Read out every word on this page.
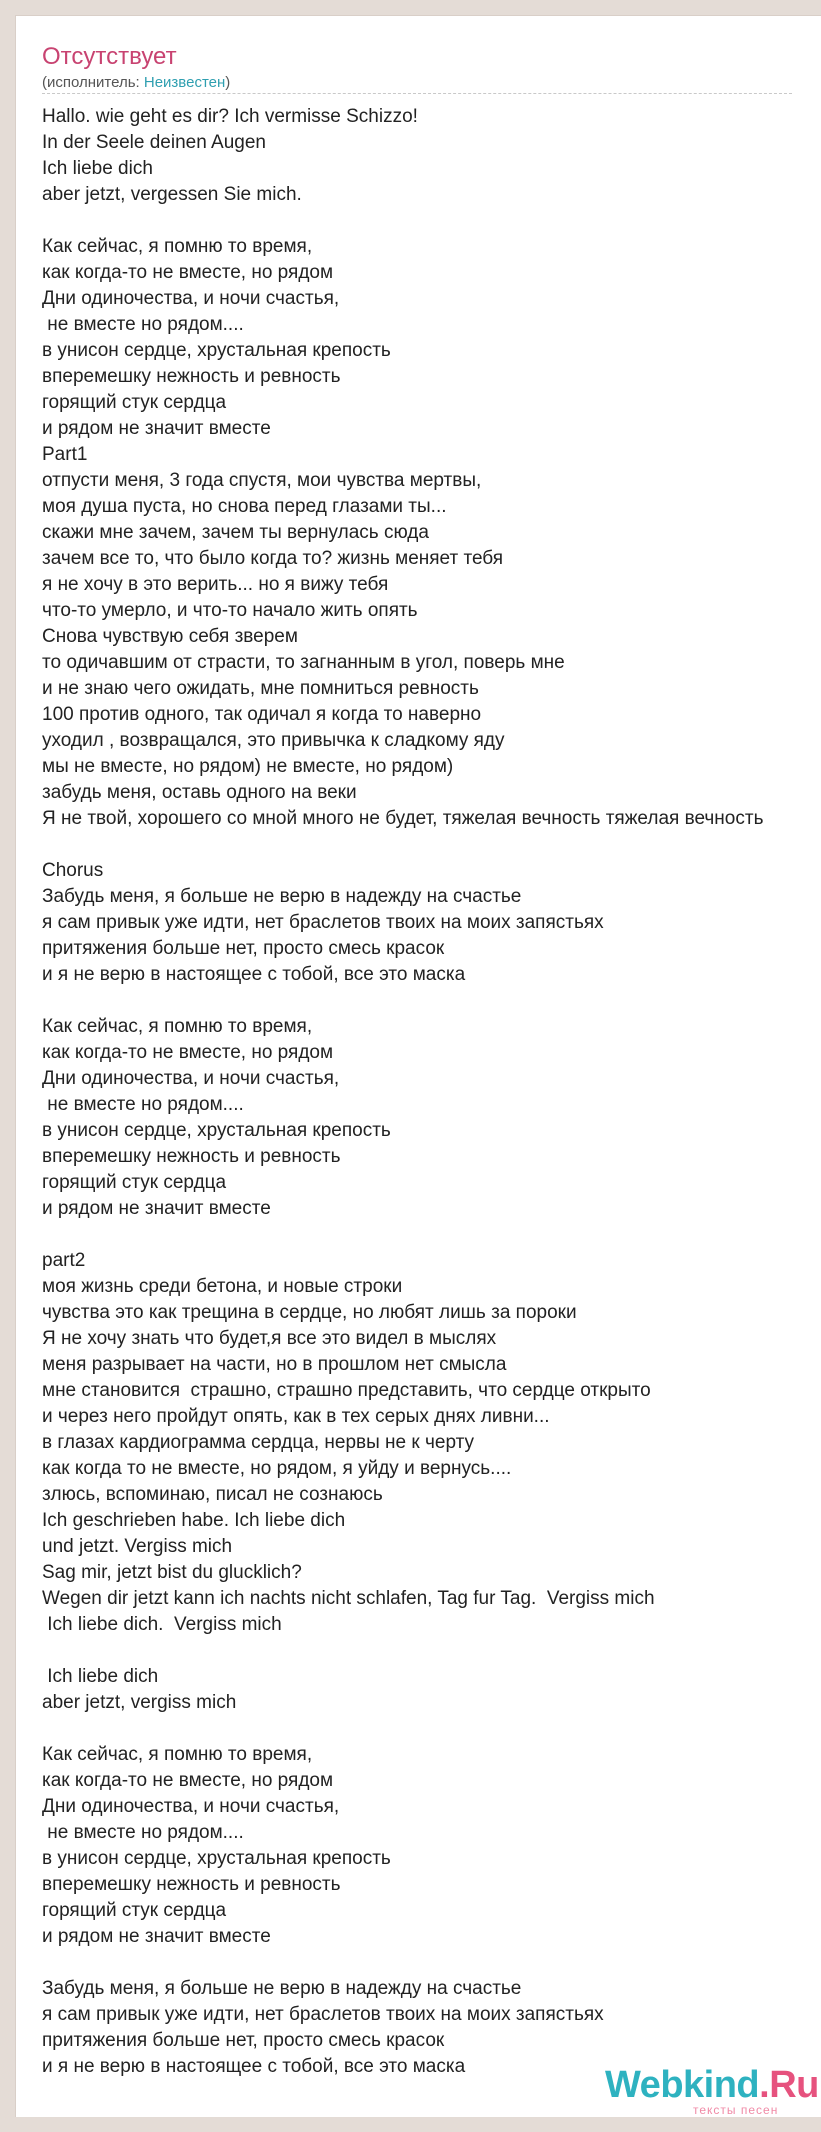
Отсутствует
(исполнитель: Неизвестен)
Hallo. wie geht es dir? Ich vermisse Schizzo!
In der Seele deinen Augen
Ich liebe dich
aber jetzt, vergessen Sie mich.
Как сейчас, я помню то время,
как когда-то не вместе, но рядом
Дни одиночества, и ночи счастья,
не вместе но рядом....
в унисон сердце, хрустальная крепость
вперемешку нежность и ревность
горящий стук сердца
и рядом не значит вместе
Part1
отпусти меня, 3 года спустя, мои чувства мертвы,
моя душа пуста, но снова перед глазами ты...
скажи мне зачем, зачем ты вернулась сюда
зачем все то, что было когда то? жизнь меняет тебя
я не хочу в это верить... но я вижу тебя
что-то умерло, и что-то начало жить опять
Снова чувствую себя зверем
то одичавшим от страсти, то загнанным в угол, поверь мне
и не знаю чего ожидать, мне помниться ревность
100 против одного, так одичал я когда то наверно
уходил , возвращался, это привычка к сладкому яду
мы не вместе, но рядом) не вместе, но рядом)
забудь меня, оставь одного на веки
Я не твой, хорошего со мной много не будет, тяжелая вечность тяжелая вечность
Chorus
Забудь меня, я больше не верю в надежду на счастье
я сам привык уже идти, нет браслетов твоих на моих запястьях
притяжения больше нет, просто смесь красок
и я не верю в настоящее с тобой, все это маска
Как сейчас, я помню то время,
как когда-то не вместе, но рядом
Дни одиночества, и ночи счастья,
не вместе но рядом....
в унисон сердце, хрустальная крепость
вперемешку нежность и ревность
горящий стук сердца
и рядом не значит вместе
part2
моя жизнь среди бетона, и новые строки
чувства это как трещина в сердце, но любят лишь за пороки
Я не хочу знать что будет,я все это видел в мыслях
меня разрывает на части, но в прошлом нет смысла
мне становится  страшно, страшно представить, что сердце открыто
и через него пройдут опять, как в тех серых днях ливни...
в глазах кардиограмма сердца, нервы не к черту
как когда то не вместе, но рядом, я уйду и вернусь....
злюсь, вспоминаю, писал не сознаюсь
Ich geschrieben habe. Ich liebe dich
und jetzt. Vergiss mich
Sag mir, jetzt bist du glucklich?
Wegen dir jetzt kann ich nachts nicht schlafen, Tag fur Tag.  Vergiss mich
Ich liebe dich.  Vergiss mich
Ich liebe dich
aber jetzt, vergiss mich
Как сейчас, я помню то время,
как когда-то не вместе, но рядом
Дни одиночества, и ночи счастья,
не вместе но рядом....
в унисон сердце, хрустальная крепость
вперемешку нежность и ревность
горящий стук сердца
и рядом не значит вместе
Забудь меня, я больше не верю в надежду на счастье
я сам привык уже идти, нет браслетов твоих на моих запястьях
притяжения больше нет, просто смесь красок
и я не верю в настоящее с тобой, все это маска	Webkind.Ru
тексты песен
